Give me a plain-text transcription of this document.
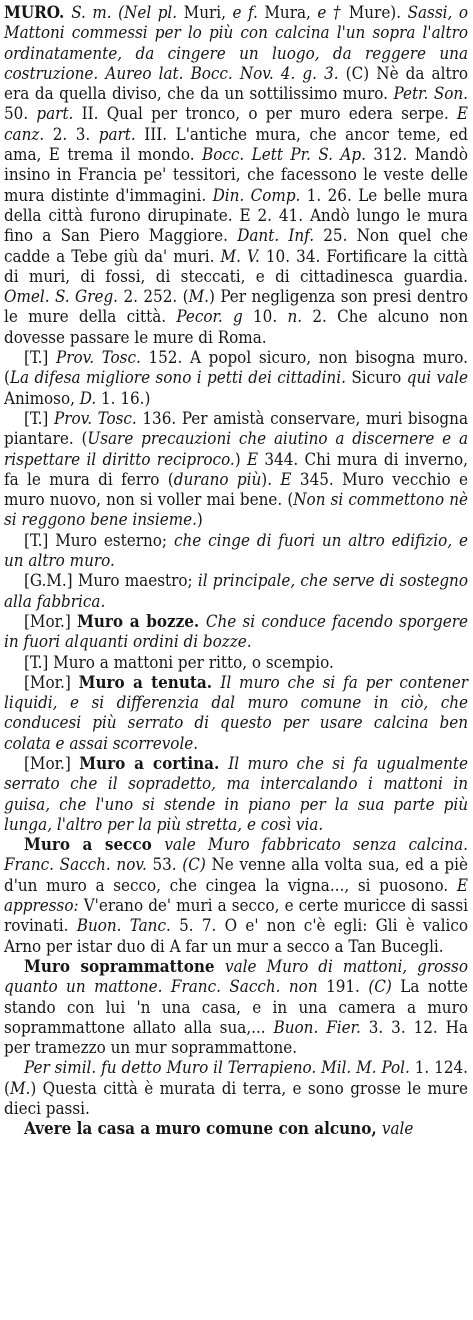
MURO. S. m. (Nel pl. Muri, e f. Mura, e † Mure). Sassi, o Mattoni commessi per lo più con calcina l'un sopra l'altro ordinatamente, da cingere un luogo, da reggere una costruzione. Aureo lat. Bocc. Nov. 4. g. 3. (C) Nè da altro era da quella diviso, che da un sottilissimo muro. Petr. Son. 50. part. II. Qual per tronco, o per muro edera serpe. E canz. 2. 3. part. III. L'antiche mura, che ancor teme, ed ama, E trema il mondo. Bocc. Lett Pr. S. Ap. 312. Mandò insino in Francia pe' tessitori, che facessono le veste delle mura distinte d'immagini. Din. Comp. 1. 26. Le belle mura della città furono dirupinate. E 2. 41. Andò lungo le mura fino a San Piero Maggiore. Dant. Inf. 25. Non quel che cadde a Tebe giù da' muri. M. V. 10. 34. Fortificare la città di muri, di fossi, di steccati, e di cittadinesca guardia. Omel. S. Greg. 2. 252. (M.) Per negligenza son presi dentro le mure della città. Pecor. g 10. n. 2. Che alcuno non dovesse passare le mure di Roma.

[T.] Prov. Tosc. 152. A popol sicuro, non bisogna muro. (La difesa migliore sono i petti dei cittadini. Sicuro qui vale Animoso, D. 1. 16.)

[T.] Prov. Tosc. 136. Per amistà conservare, muri bisogna piantare. (Usare precauzioni che aiutino a discernere e a rispettare il diritto reciproco.) E 344. Chi mura di inverno, fa le mura di ferro (durano più). E 345. Muro vecchio e muro nuovo, non si voller mai bene. (Non si commettono nè si reggono bene insieme.)

[T.] Muro esterno; che cinge di fuori un altro edifizio, e un altro muro.

[G.M.] Muro maestro; il principale, che serve di sostegno alla fabbrica.

[Mor.] Muro a bozze. Che si conduce facendo sporgere in fuori alquanti ordini di bozze.

[T.] Muro a mattoni per ritto, o scempio.

[Mor.] Muro a tenuta. Il muro che si fa per contener liquidi, e si differenzia dal muro comune in ciò, che conducesi più serrato di questo per usare calcina ben colata e assai scorrevole.

[Mor.] Muro a cortina. Il muro che si fa ugualmente serrato che il sopradetto, ma intercalando i mattoni in guisa, che l'uno si stende in piano per la sua parte più lunga, l'altro per la più stretta, e così via.

Muro a secco vale Muro fabbricato senza calcina. Franc. Sacch. nov. 53. (C) Ne venne alla volta sua, ed a piè d'un muro a secco, che cingea la vigna..., si puosono. E appresso: V'erano de' muri a secco, e certe muricce di sassi rovinati. Buon. Tanc. 5. 7. O e' non c'è egli: Gli è valico Arno per istar duo di A far un mur a secco a Tan Bucegli.

Muro soprammattone vale Muro di mattoni, grosso quanto un mattone. Franc. Sacch. non 191. (C) La notte stando con lui 'n una casa, e in una camera a muro soprammattone allato alla sua,... Buon. Fier. 3. 3. 12. Ha per tramezzo un mur soprammattone.

Per simil. fu detto Muro il Terrapieno. Mil. M. Pol. 1. 124. (M.) Questa città è murata di terra, e sono grosse le mure dieci passi.

Avere la casa a muro comune con alcuno, vale
